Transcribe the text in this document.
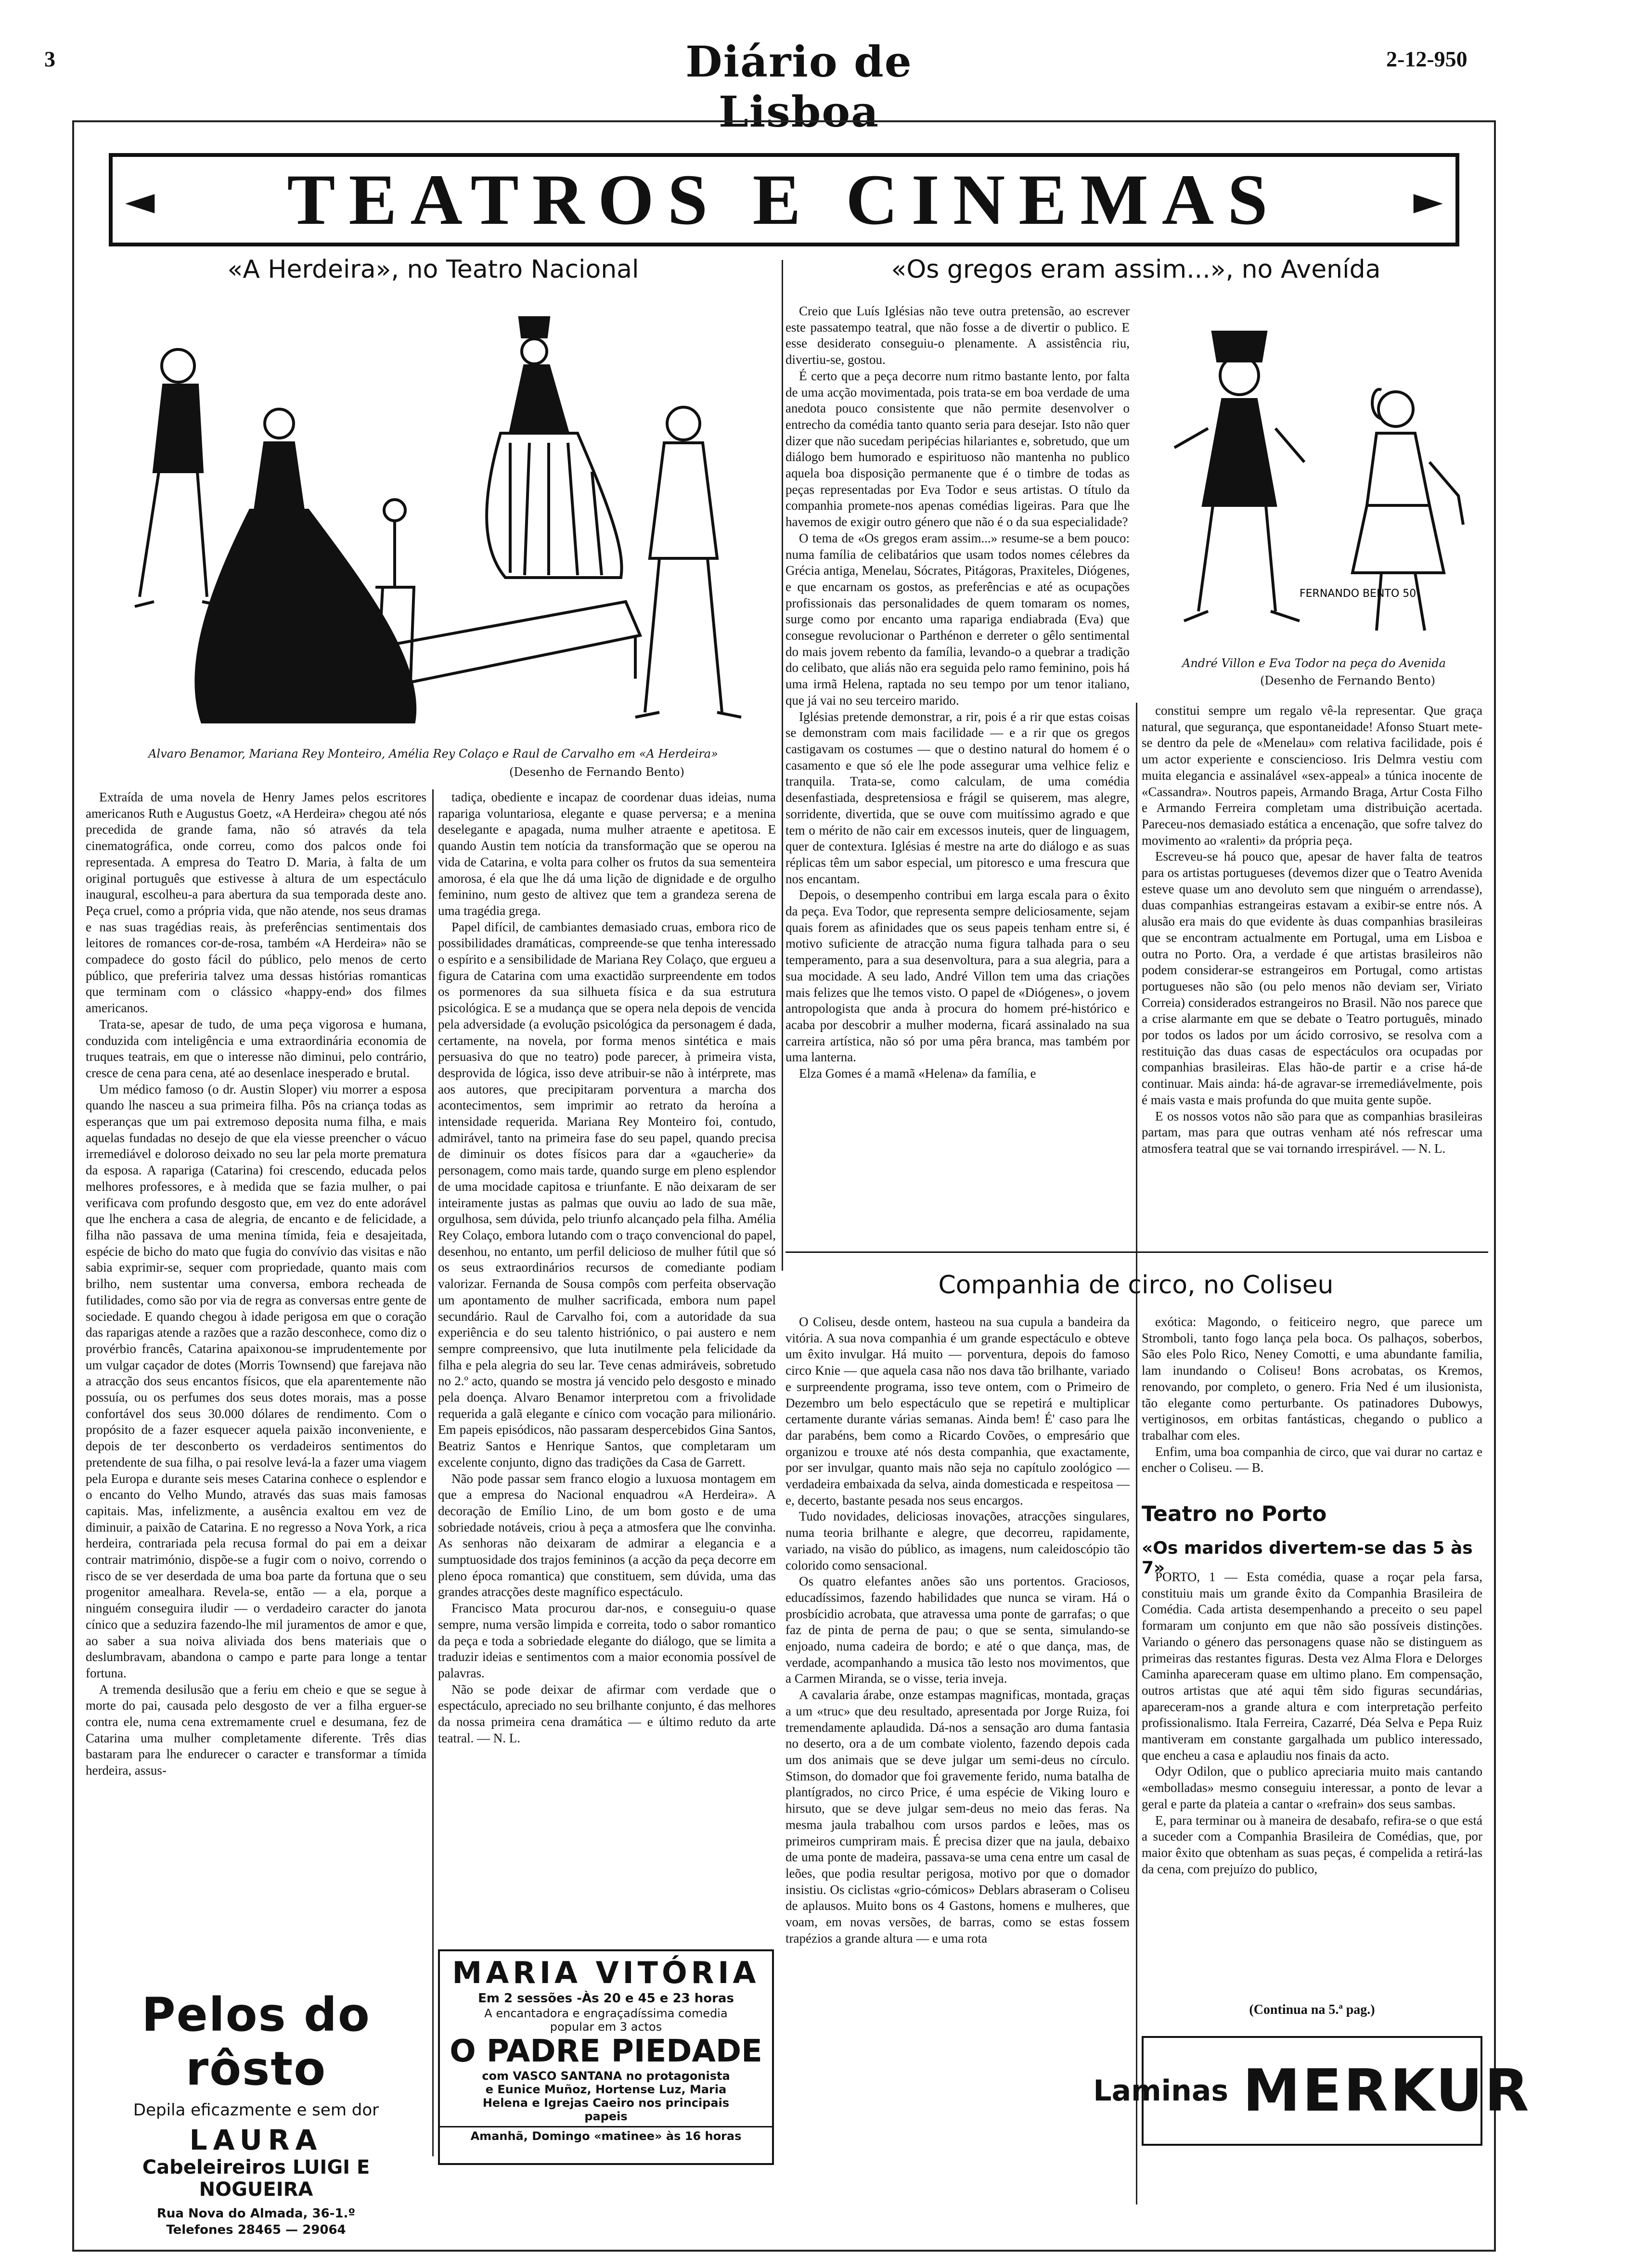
3	Diário de Lisboa
2-12-950
◄ TEATROS E CINEMAS	►
«A Herdeira», no Teatro Nacional
Alvaro Benamor, Mariana Rey Monteiro, Amélia Rey Colaço e Raul de Carvalho em «A Herdeira»
(Desenho de Fernando Bento)

Extraída de uma novela de Henry James pelos escritores americanos Ruth e Augustus Goetz, «A Herdeira» chegou até nós precedida de grande fama, não só através da tela cinematográfica, onde correu, como dos palcos onde foi representada. A empresa do Teatro D. Maria, à falta de um original português que estivesse à altura de um espectáculo inaugural, escolheu-a para abertura da sua temporada deste ano. Peça cruel, como a própria vida, que não atende, nos seus dramas e nas suas tragédias reais, às preferências sentimentais dos leitores de romances cor-de-rosa, também «A Herdeira» não se compadece do gosto fácil do público, pelo menos de certo público, que preferiria talvez uma dessas histórias romanticas que terminam com o clássico «happy-end» dos filmes americanos.

Trata-se, apesar de tudo, de uma peça vigorosa e humana, conduzida com inteligência e uma extraordinária economia de truques teatrais, em que o interesse não diminui, pelo contrário, cresce de cena para cena, até ao desenlace inesperado e brutal.

Um médico famoso (o dr. Austin Sloper) viu morrer a esposa quando lhe nasceu a sua primeira filha. Pôs na criança todas as esperanças que um pai extremoso deposita numa filha, e mais aquelas fundadas no desejo de que ela viesse preencher o vácuo irremediável e doloroso deixado no seu lar pela morte prematura da esposa. A rapariga (Catarina) foi crescendo, educada pelos melhores professores, e à medida que se fazia mulher, o pai verificava com profundo desgosto que, em vez do ente adorável que lhe enchera a casa de alegria, de encanto e de felicidade, a filha não passava de uma menina tímida, feia e desajeitada, espécie de bicho do mato que fugia do convívio das visitas e não sabia exprimir-se, sequer com propriedade, quanto mais com brilho, nem sustentar uma conversa, embora recheada de futilidades, como são por via de regra as conversas entre gente de sociedade. E quando chegou à idade perigosa em que o coração das raparigas atende a razões que a razão desconhece, como diz o provérbio francês, Catarina apaixonou-se imprudentemente por um vulgar caçador de dotes (Morris Townsend) que farejava não a atracção dos seus encantos físicos, que ela aparentemente não possuía, ou os perfumes dos seus dotes morais, mas a posse confortável dos seus 30.000 dólares de rendimento. Com o propósito de a fazer esquecer aquela paixão inconveniente, e depois de ter desconberto os verdadeiros sentimentos do pretendente de sua filha, o pai resolve levá-la a fazer uma viagem pela Europa e durante seis meses Catarina conhece o esplendor e o encanto do Velho Mundo, através das suas mais famosas capitais. Mas, infelizmente, a ausência exaltou em vez de diminuir, a paixão de Catarina. E no regresso a Nova York, a rica herdeira, contrariada pela recusa formal do pai em a deixar contrair matrimónio, dispõe-se a fugir com o noivo, correndo o risco de se ver deserdada de uma boa parte da fortuna que o seu progenitor amealhara. Revela-se, então — a ela, porque a ninguém conseguira iludir — o verdadeiro caracter do janota cínico que a seduzira fazendo-lhe mil juramentos de amor e que, ao saber a sua noiva aliviada dos bens materiais que o deslumbravam, abandona o campo e parte para longe a tentar fortuna.

A tremenda desilusão que a feriu em cheio e que se segue à morte do pai, causada pelo desgosto de ver a filha erguer-se contra ele, numa cena extremamente cruel e desumana, fez de Catarina uma mulher completamente diferente. Três dias bastaram para lhe endurecer o caracter e transformar a tímida herdeira, assus-

tadiça, obediente e incapaz de coordenar duas ideias, numa rapariga voluntariosa, elegante e quase perversa; e a menina deselegante e apagada, numa mulher atraente e apetitosa. E quando Austin tem notícia da transformação que se operou na vida de Catarina, e volta para colher os frutos da sua sementeira amorosa, é ela que lhe dá uma lição de dignidade e de orgulho feminino, num gesto de altivez que tem a grandeza serena de uma tragédia grega.

Papel difícil, de cambiantes demasiado cruas, embora rico de possibilidades dramáticas, compreende-se que tenha interessado o espírito e a sensibilidade de Mariana Rey Colaço, que ergueu a figura de Catarina com uma exactidão surpreendente em todos os pormenores da sua silhueta física e da sua estrutura psicológica. E se a mudança que se opera nela depois de vencida pela adversidade (a evolução psicológica da personagem é dada, certamente, na novela, por forma menos sintética e mais persuasiva do que no teatro) pode parecer, à primeira vista, desprovida de lógica, isso deve atribuir-se não à intérprete, mas aos autores, que precipitaram porventura a marcha dos acontecimentos, sem imprimir ao retrato da heroína a intensidade requerida. Mariana Rey Monteiro foi, contudo, admirável, tanto na primeira fase do seu papel, quando precisa de diminuir os dotes físicos para dar a «gaucherie» da personagem, como mais tarde, quando surge em pleno esplendor de uma mocidade capitosa e triunfante. E não deixaram de ser inteiramente justas as palmas que ouviu ao lado de sua mãe, orgulhosa, sem dúvida, pelo triunfo alcançado pela filha. Amélia Rey Colaço, embora lutando com o traço convencional do papel, desenhou, no entanto, um perfil delicioso de mulher fútil que só os seus extraordinários recursos de comediante podiam valorizar. Fernanda de Sousa compôs com perfeita observação um apontamento de mulher sacrificada, embora num papel secundário. Raul de Carvalho foi, com a autoridade da sua experiência e do seu talento histriónico, o pai austero e nem sempre compreensivo, que luta inutilmente pela felicidade da filha e pela alegria do seu lar. Teve cenas admiráveis, sobretudo no 2.º acto, quando se mostra já vencido pelo desgosto e minado pela doença. Alvaro Benamor interpretou com a frivolidade requerida a galã elegante e cínico com vocação para milionário. Em papeis episódicos, não passaram despercebidos Gina Santos, Beatriz Santos e Henrique Santos, que completaram um excelente conjunto, digno das tradições da Casa de Garrett.

Não pode passar sem franco elogio a luxuosa montagem em que a empresa do Nacional enquadrou «A Herdeira». A decoração de Emílio Lino, de um bom gosto e de uma sobriedade notáveis, criou à peça a atmosfera que lhe convinha. As senhoras não deixaram de admirar a elegancia e a sumptuosidade dos trajos femininos (a acção da peça decorre em pleno época romantica) que constituem, sem dúvida, uma das grandes atracções deste magnífico espectáculo.

Francisco Mata procurou dar-nos, e conseguiu-o quase sempre, numa versão limpida e correita, todo o sabor romantico da peça e toda a sobriedade elegante do diálogo, que se limita a traduzir ideias e sentimentos com a maior economia possível de palavras.

Não se pode deixar de afirmar com verdade que o espectáculo, apreciado no seu brilhante conjunto, é das melhores da nossa primeira cena dramática — e último reduto da arte teatral. — N. L.

Pelos do rôsto
Depila eficazmente e sem dor
LAURA
Cabeleireiros LUIGI E NOGUEIRA
Rua Nova do Almada, 36-1.º
Telefones 28465 — 29064
MARIA VITÓRIA
Em 2 sessões -Às 20 e 45 e 23 horas
A encantadora e engraçadíssima comedia
popular em 3 actos
O PADRE PIEDADE
com VASCO SANTANA no protagonista
e Eunice Muñoz, Hortense Luz, Maria
Helena e Igrejas Caeiro nos principais
papeis
Amanhã, Domingo «matinee» às 16 horas
«Os gregos eram assim...», no Avenída

Creio que Luís Iglésias não teve outra pretensão, ao escrever este passatempo teatral, que não fosse a de divertir o publico. E esse desiderato conseguiu-o plenamente. A assistência riu, divertiu-se, gostou.

É certo que a peça decorre num ritmo bastante lento, por falta de uma acção movimentada, pois trata-se em boa verdade de uma anedota pouco consistente que não permite desenvolver o entrecho da comédia tanto quanto seria para desejar. Isto não quer dizer que não sucedam peripécias hilariantes e, sobretudo, que um diálogo bem humorado e espirituoso não mantenha no publico aquela boa disposição permanente que é o timbre de todas as peças representadas por Eva Todor e seus artistas. O título da companhia promete-nos apenas comédias ligeiras. Para que lhe havemos de exigir outro género que não é o da sua especialidade?

O tema de «Os gregos eram assim...» resume-se a bem pouco: numa família de celibatários que usam todos nomes célebres da Grécia antiga, Menelau, Sócrates, Pitágoras, Praxiteles, Diógenes, e que encarnam os gostos, as preferências e até as ocupações profissionais das personalidades de quem tomaram os nomes, surge como por encanto uma rapariga endiabrada (Eva) que consegue revolucionar o Parthénon e derreter o gêlo sentimental do mais jovem rebento da família, levando-o a quebrar a tradição do celibato, que aliás não era seguida pelo ramo feminino, pois há uma irmã Helena, raptada no seu tempo por um tenor italiano, que já vai no seu terceiro marido.

Iglésias pretende demonstrar, a rir, pois é a rir que estas coisas se demonstram com mais facilidade — e a rir que os gregos castigavam os costumes — que o destino natural do homem é o casamento e que só ele lhe pode assegurar uma velhice feliz e tranquila. Trata-se, como calculam, de uma comédia desenfastiada, despretensiosa e frágil se quiserem, mas alegre, sorridente, divertida, que se ouve com muitíssimo agrado e que tem o mérito de não cair em excessos inuteis, quer de linguagem, quer de contextura. Iglésias é mestre na arte do diálogo e as suas réplicas têm um sabor especial, um pitoresco e uma frescura que nos encantam.

Depois, o desempenho contribui em larga escala para o êxito da peça. Eva Todor, que representa sempre deliciosamente, sejam quais forem as afinidades que os seus papeis tenham entre si, é motivo suficiente de atracção numa figura talhada para o seu temperamento, para a sua desenvoltura, para a sua alegria, para a sua mocidade. A seu lado, André Villon tem uma das criações mais felizes que lhe temos visto. O papel de «Diógenes», o jovem antropologista que anda à procura do homem pré-histórico e acaba por descobrir a mulher moderna, ficará assinalado na sua carreira artística, não só por uma pêra branca, mas também por uma lanterna.

Elza Gomes é a mamã «Helena» da família, e

FERNANDO BENTO 50
André Villon e Eva Todor na peça do Avenida
(Desenho de Fernando Bento)

constitui sempre um regalo vê-la representar. Que graça natural, que segurança, que espontaneidade! Afonso Stuart mete-se dentro da pele de «Menelau» com relativa facilidade, pois é um actor experiente e consciencioso. Iris Delmra vestiu com muita elegancia e assinalável «sex-appeal» a túnica inocente de «Cassandra». Noutros papeis, Armando Braga, Artur Costa Filho e Armando Ferreira completam uma distribuição acertada. Pareceu-nos demasiado estática a encenação, que sofre talvez do movimento ao «ralenti» da própria peça.

Escreveu-se há pouco que, apesar de haver falta de teatros para os artistas portugueses (devemos dizer que o Teatro Avenida esteve quase um ano devoluto sem que ninguém o arrendasse), duas companhias estrangeiras estavam a exibir-se entre nós. A alusão era mais do que evidente às duas companhias brasileiras que se encontram actualmente em Portugal, uma em Lisboa e outra no Porto. Ora, a verdade é que artistas brasileiros não podem considerar-se estrangeiros em Portugal, como artistas portugueses não são (ou pelo menos não deviam ser, Viriato Correia) considerados estrangeiros no Brasil. Não nos parece que a crise alarmante em que se debate o Teatro português, minado por todos os lados por um ácido corrosivo, se resolva com a restituição das duas casas de espectáculos ora ocupadas por companhias brasileiras. Elas hão-de partir e a crise há-de continuar. Mais ainda: há-de agravar-se irremediávelmente, pois é mais vasta e mais profunda do que muita gente supõe.

E os nossos votos não são para que as companhias brasileiras partam, mas para que outras venham até nós refrescar uma atmosfera teatral que se vai tornando irrespirável. — N. L.

Companhia de circo, no Coliseu

O Coliseu, desde ontem, hasteou na sua cupula a bandeira da vitória. A sua nova companhia é um grande espectáculo e obteve um êxito invulgar. Há muito — porventura, depois do famoso circo Knie — que aquela casa não nos dava tão brilhante, variado e surpreendente programa, isso teve ontem, com o Primeiro de Dezembro um belo espectáculo que se repetirá e multiplicar certamente durante várias semanas. Ainda bem! É' caso para lhe dar parabéns, bem como a Ricardo Covões, o empresário que organizou e trouxe até nós desta companhia, que exactamente, por ser invulgar, quanto mais não seja no capítulo zoológico — verdadeira embaixada da selva, ainda domesticada e respeitosa — e, decerto, bastante pesada nos seus encargos.

Tudo novidades, deliciosas inovações, atracções singulares, numa teoria brilhante e alegre, que decorreu, rapidamente, variado, na visão do público, as imagens, num caleidoscópio tão colorido como sensacional.

Os quatro elefantes anões são uns portentos. Graciosos, educadíssimos, fazendo habilidades que nunca se viram. Há o prosbícidio acrobata, que atravessa uma ponte de garrafas; o que faz de pinta de perna de pau; o que se senta, simulando-se enjoado, numa cadeira de bordo; e até o que dança, mas, de verdade, acompanhando a musica tão lesto nos movimentos, que a Carmen Miranda, se o visse, teria inveja.

A cavalaria árabe, onze estampas magnificas, montada, graças a um «truc» que deu resultado, apresentada por Jorge Ruiza, foi tremendamente aplaudida. Dá-nos a sensação aro duma fantasia no deserto, ora a de um combate violento, fazendo depois cada um dos animais que se deve julgar um semi-deus no círculo. Stimson, do domador que foi gravemente ferido, numa batalha de plantígrados, no circo Price, é uma espécie de Viking louro e hirsuto, que se deve julgar sem-deus no meio das feras. Na mesma jaula trabalhou com ursos pardos e leões, mas os primeiros cumpriram mais. É precisa dizer que na jaula, debaixo de uma ponte de madeira, passava-se uma cena entre um casal de leões, que podia resultar perigosa, motivo por que o domador insistiu. Os ciclistas «grio-cómicos» Deblars abraseram o Coliseu de aplausos. Muito bons os 4 Gastons, homens e mulheres, que voam, em novas versões, de barras, como se estas fossem trapézios a grande altura — e uma rota

exótica: Magondo, o feiticeiro negro, que parece um Stromboli, tanto fogo lança pela boca. Os palhaços, soberbos, São eles Polo Rico, Neney Comotti, e uma abundante familia, lam inundando o Coliseu! Bons acrobatas, os Kremos, renovando, por completo, o genero. Fria Ned é um ilusionista, tão elegante como perturbante. Os patinadores Dubowys, vertiginosos, em orbitas fantásticas, chegando o publico a trabalhar com eles.

Enfim, uma boa companhia de circo, que vai durar no cartaz e encher o Coliseu. — B.

Teatro no Porto
«Os maridos divertem-se das 5 às 7»

PORTO, 1 — Esta comédia, quase a roçar pela farsa, constituiu mais um grande êxito da Companhia Brasileira de Comédia. Cada artista desempenhando a preceito o seu papel formaram um conjunto em que não são possíveis distinções. Variando o género das personagens quase não se distinguem as primeiras das restantes figuras. Desta vez Alma Flora e Delorges Caminha apareceram quase em ultimo plano. Em compensação, outros artistas que até aqui têm sido figuras secundárias, apareceram-nos a grande altura e com interpretação perfeito profissionalismo. Itala Ferreira, Cazarré, Déa Selva e Pepa Ruiz mantiveram em constante gargalhada um publico interessado, que encheu a casa e aplaudiu nos finais da acto.

Odyr Odilon, que o publico apreciaria muito mais cantando «embolladas» mesmo conseguiu interessar, a ponto de levar a geral e parte da plateia a cantar o «refrain» dos seus sambas.

E, para terminar ou à maneira de desabafo, refira-se o que está a suceder com a Companhia Brasileira de Comédias, que, por maior êxito que obtenham as suas peças, é compelida a retirá-las da cena, com prejuízo do publico,

(Continua na 5.ª pag.)
Laminas MERKUR
